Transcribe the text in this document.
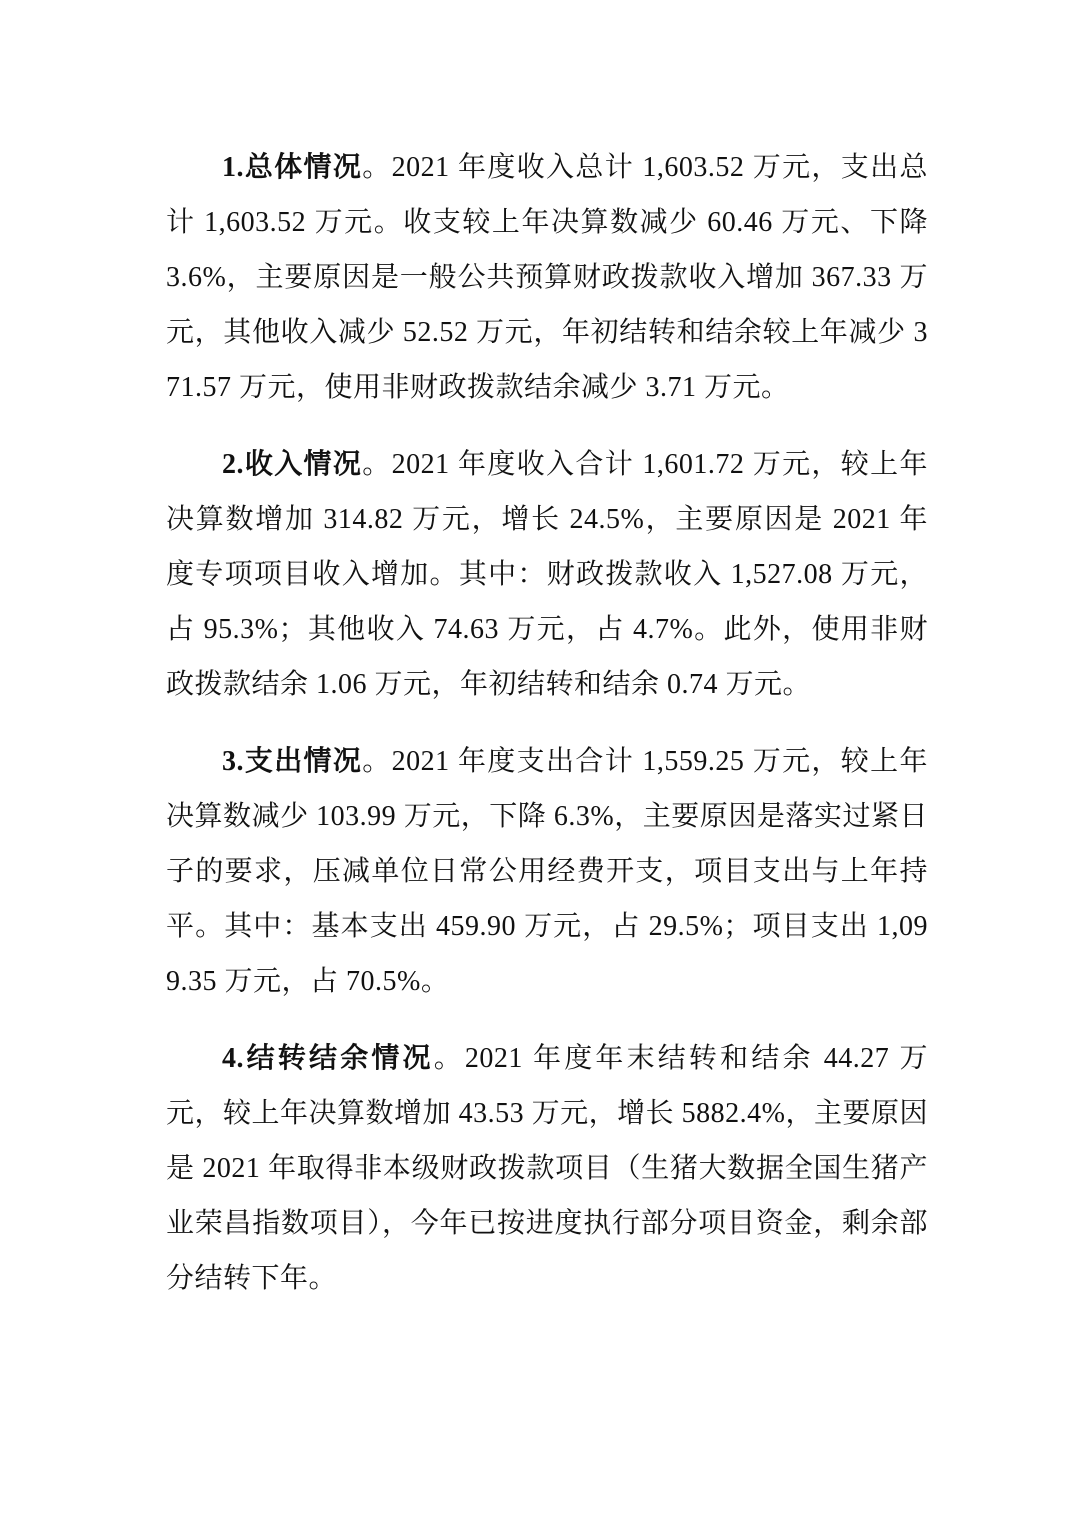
1.总体情况。2021 年度收入总计 1,603.52 万元，支出总计 1,603.52 万元。收支较上年决算数减少 60.46 万元、下降 3.6%，主要原因是一般公共预算财政拨款收入增加 367.33 万元，其他收入减少 52.52 万元，年初结转和结余较上年减少 371.57 万元，使用非财政拨款结余减少 3.71 万元。

2.收入情况。2021 年度收入合计 1,601.72 万元，较上年决算数增加 314.82 万元，增长 24.5%，主要原因是 2021 年度专项项目收入增加。其中：财政拨款收入 1,527.08 万元，占 95.3%；其他收入 74.63 万元，占 4.7%。此外，使用非财政拨款结余 1.06 万元，年初结转和结余 0.74 万元。

3.支出情况。2021 年度支出合计 1,559.25 万元，较上年决算数减少 103.99 万元，下降 6.3%，主要原因是落实过紧日子的要求，压减单位日常公用经费开支，项目支出与上年持平。其中：基本支出 459.90 万元，占 29.5%；项目支出 1,099.35 万元，占 70.5%。

4.结转结余情况。2021 年度年末结转和结余 44.27 万元，较上年决算数增加 43.53 万元，增长 5882.4%，主要原因是 2021 年取得非本级财政拨款项目（生猪大数据全国生猪产业荣昌指数项目），今年已按进度执行部分项目资金，剩余部分结转下年。
